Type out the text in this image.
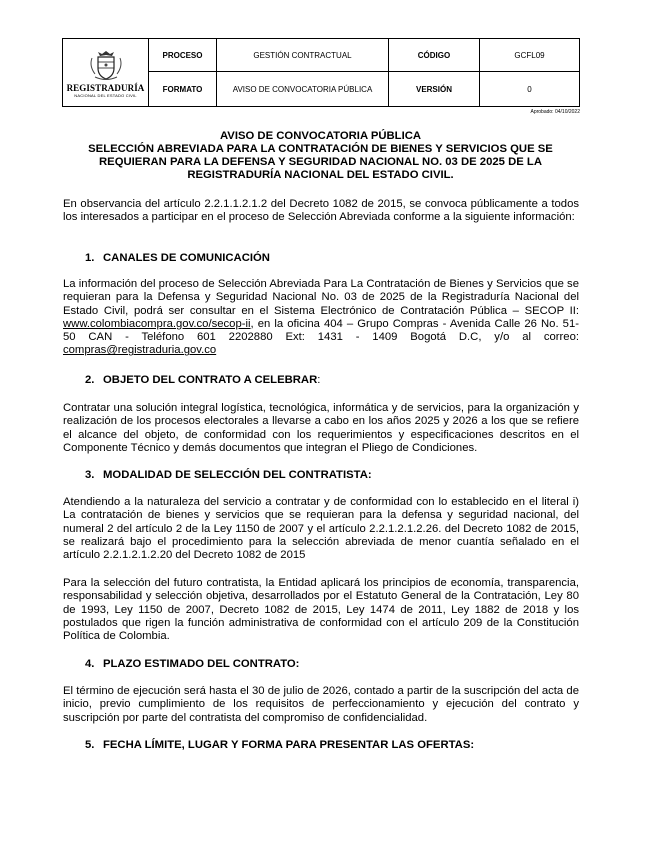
REGISTRADURÍA
NACIONAL DEL ESTADO CIVIL	PROCESO	GESTIÓN CONTRACTUAL	CÓDIGO	GCFL09
	FORMATO	AVISO DE CONVOCATORIA PÚBLICA	VERSIÓN	0
Aprobado: 04/10/2022
AVISO DE CONVOCATORIA PÚBLICA
SELECCIÓN ABREVIADA PARA LA CONTRATACIÓN DE BIENES Y SERVICIOS QUE SE
REQUIERAN PARA LA DEFENSA Y SEGURIDAD NACIONAL NO. 03 DE 2025 DE LA
REGISTRADURÍA NACIONAL DEL ESTADO CIVIL.
En observancia del artículo 2.2.1.1.2.1.2 del Decreto 1082 de 2015, se convoca públicamente a todos los interesados a participar en el proceso de Selección Abreviada conforme a la siguiente información:
1. CANALES DE COMUNICACIÓN
La información del proceso de Selección Abreviada Para La Contratación de Bienes y Servicios que se requieran para la Defensa y Seguridad Nacional No. 03 de 2025 de la Registraduría Nacional del Estado Civil, podrá ser consultar en el Sistema Electrónico de Contratación Pública – SECOP II: www.colombiacompra.gov.co/secop-ii, en la oficina 404 – Grupo Compras - Avenida Calle 26 No. 51-50 CAN - Teléfono 601 2202880 Ext: 1431 - 1409 Bogotá D.C, y/o al correo: compras@registraduria.gov.co
2. OBJETO DEL CONTRATO A CELEBRAR:
Contratar una solución integral logística, tecnológica, informática y de servicios, para la organización y realización de los procesos electorales a llevarse a cabo en los años 2025 y 2026 a los que se refiere el alcance del objeto, de conformidad con los requerimientos y especificaciones descritos en el Componente Técnico y demás documentos que integran el Pliego de Condiciones.
3. MODALIDAD DE SELECCIÓN DEL CONTRATISTA:
Atendiendo a la naturaleza del servicio a contratar y de conformidad con lo establecido en el literal i) La contratación de bienes y servicios que se requieran para la defensa y seguridad nacional, del numeral 2 del artículo 2 de la Ley 1150 de 2007 y el artículo 2.2.1.2.1.2.26. del Decreto 1082 de 2015, se realizará bajo el procedimiento para la selección abreviada de menor cuantía señalado en el artículo 2.2.1.2.1.2.20 del Decreto 1082 de 2015
Para la selección del futuro contratista, la Entidad aplicará los principios de economía, transparencia, responsabilidad y selección objetiva, desarrollados por el Estatuto General de la Contratación, Ley 80 de 1993, Ley 1150 de 2007, Decreto 1082 de 2015, Ley 1474 de 2011, Ley 1882 de 2018 y los postulados que rigen la función administrativa de conformidad con el artículo 209 de la Constitución Política de Colombia.
4. PLAZO ESTIMADO DEL CONTRATO:
El término de ejecución será hasta el 30 de julio de 2026, contado a partir de la suscripción del acta de inicio, previo cumplimiento de los requisitos de perfeccionamiento y ejecución del contrato y suscripción por parte del contratista del compromiso de confidencialidad.
5. FECHA LÍMITE, LUGAR Y FORMA PARA PRESENTAR LAS OFERTAS:
